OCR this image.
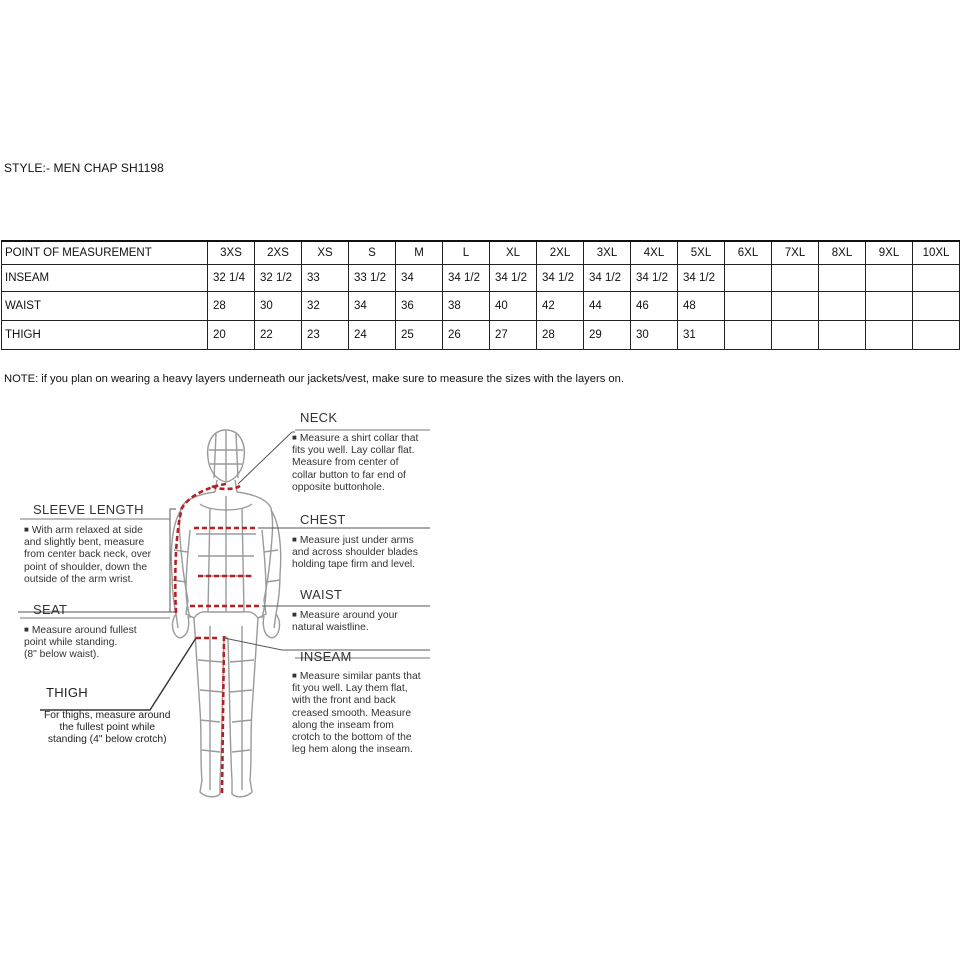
STYLE:- MEN CHAP SH1198
POINT OF MEASUREMENT	3XS	2XS	XS	S	M	L	XL	2XL	3XL	4XL	5XL	6XL	7XL	8XL	9XL	10XL
INSEAM	32 1/4	32 1/2	33	33 1/2	34	34 1/2	34 1/2	34 1/2	34 1/2	34 1/2	34 1/2					
WAIST	28	30	32	34	36	38	40	42	44	46	48					
THIGH	20	22	23	24	25	26	27	28	29	30	31					
NOTE: if you plan on wearing a heavy layers underneath our jackets/vest, make sure to measure the sizes with the layers on.
NECK
■ Measure a shirt collar that
fits you well. Lay collar flat.
Measure from center of
collar button to far end of
opposite buttonhole.
SLEEVE LENGTH
■ With arm relaxed at side
and slightly bent, measure
from center back neck, over
point of shoulder, down the
outside of the arm wrist.
CHEST
■ Measure just under arms
and across shoulder blades
holding tape firm and level.
SEAT
■ Measure around fullest
point while standing.
(8" below waist).
WAIST
■ Measure around your
natural waistline.
INSEAM
■ Measure similar pants that
fit you well. Lay them flat,
with the front and back
creased smooth. Measure
along the inseam from
crotch to the bottom of the
leg hem along the inseam.
THIGH
For thighs, measure around
the fullest point while
standing (4" below crotch)
